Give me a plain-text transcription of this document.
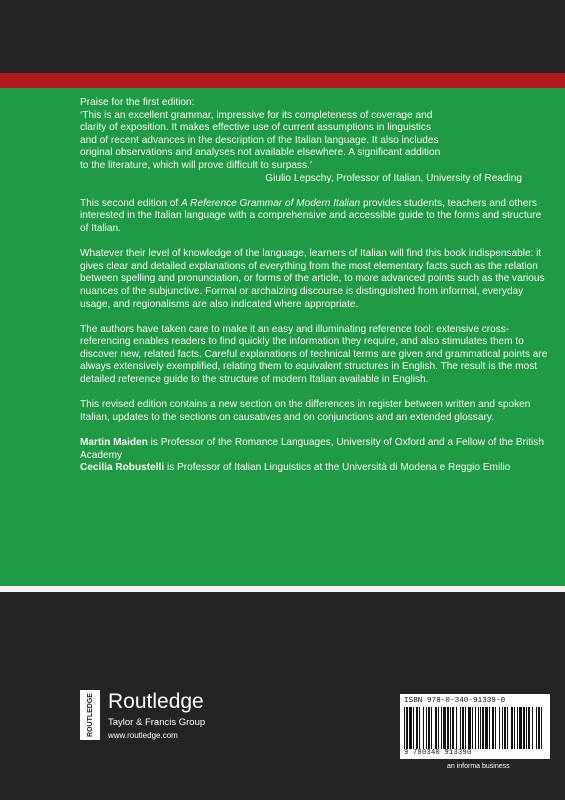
Praise for the first edition:
‘This is an excellent grammar, impressive for its completeness of coverage and
clarity of exposition. It makes effective use of current assumptions in linguistics
and of recent advances in the description of the Italian language. It also includes
original observations and analyses not available elsewhere. A significant addition
to the literature, which will prove difficult to surpass.’
Giulio Lepschy, Professor of Italian, University of Reading

This second edition of A Reference Grammar of Modern Italian provides students, teachers and others interested in the Italian language with a comprehensive and accessible guide to the forms and structure of Italian.

Whatever their level of knowledge of the language, learners of Italian will find this book indispensable: it gives clear and detailed explanations of everything from the most elementary facts such as the relation between spelling and pronunciation, or forms of the article, to more advanced points such as the various nuances of the subjunctive. Formal or archaizing discourse is distinguished from informal, everyday usage, and regionalisms are also indicated where appropriate.

The authors have taken care to make it an easy and illuminating reference tool: extensive cross-referencing enables readers to find quickly the information they require, and also stimulates them to discover new, related facts. Careful explanations of technical terms are given and grammatical points are always extensively exemplified, relating them to equivalent structures in English. The result is the most detailed reference guide to the structure of modern Italian available in English.

This revised edition contains a new section on the differences in register between written and spoken Italian, updates to the sections on causatives and on conjunctions and an extended glossary.

Martin Maiden is Professor of the Romance Languages, University of Oxford and a Fellow of the British Academy

Cecilia Robustelli is Professor of Italian Linguistics at the Università di Modena e Reggio Emilio

ROUTLEDGE Routledge
Taylor & Francis Group
www.routledge.com
ISBN 978-0-340-91339-0
9 780340 913390
an informa business
